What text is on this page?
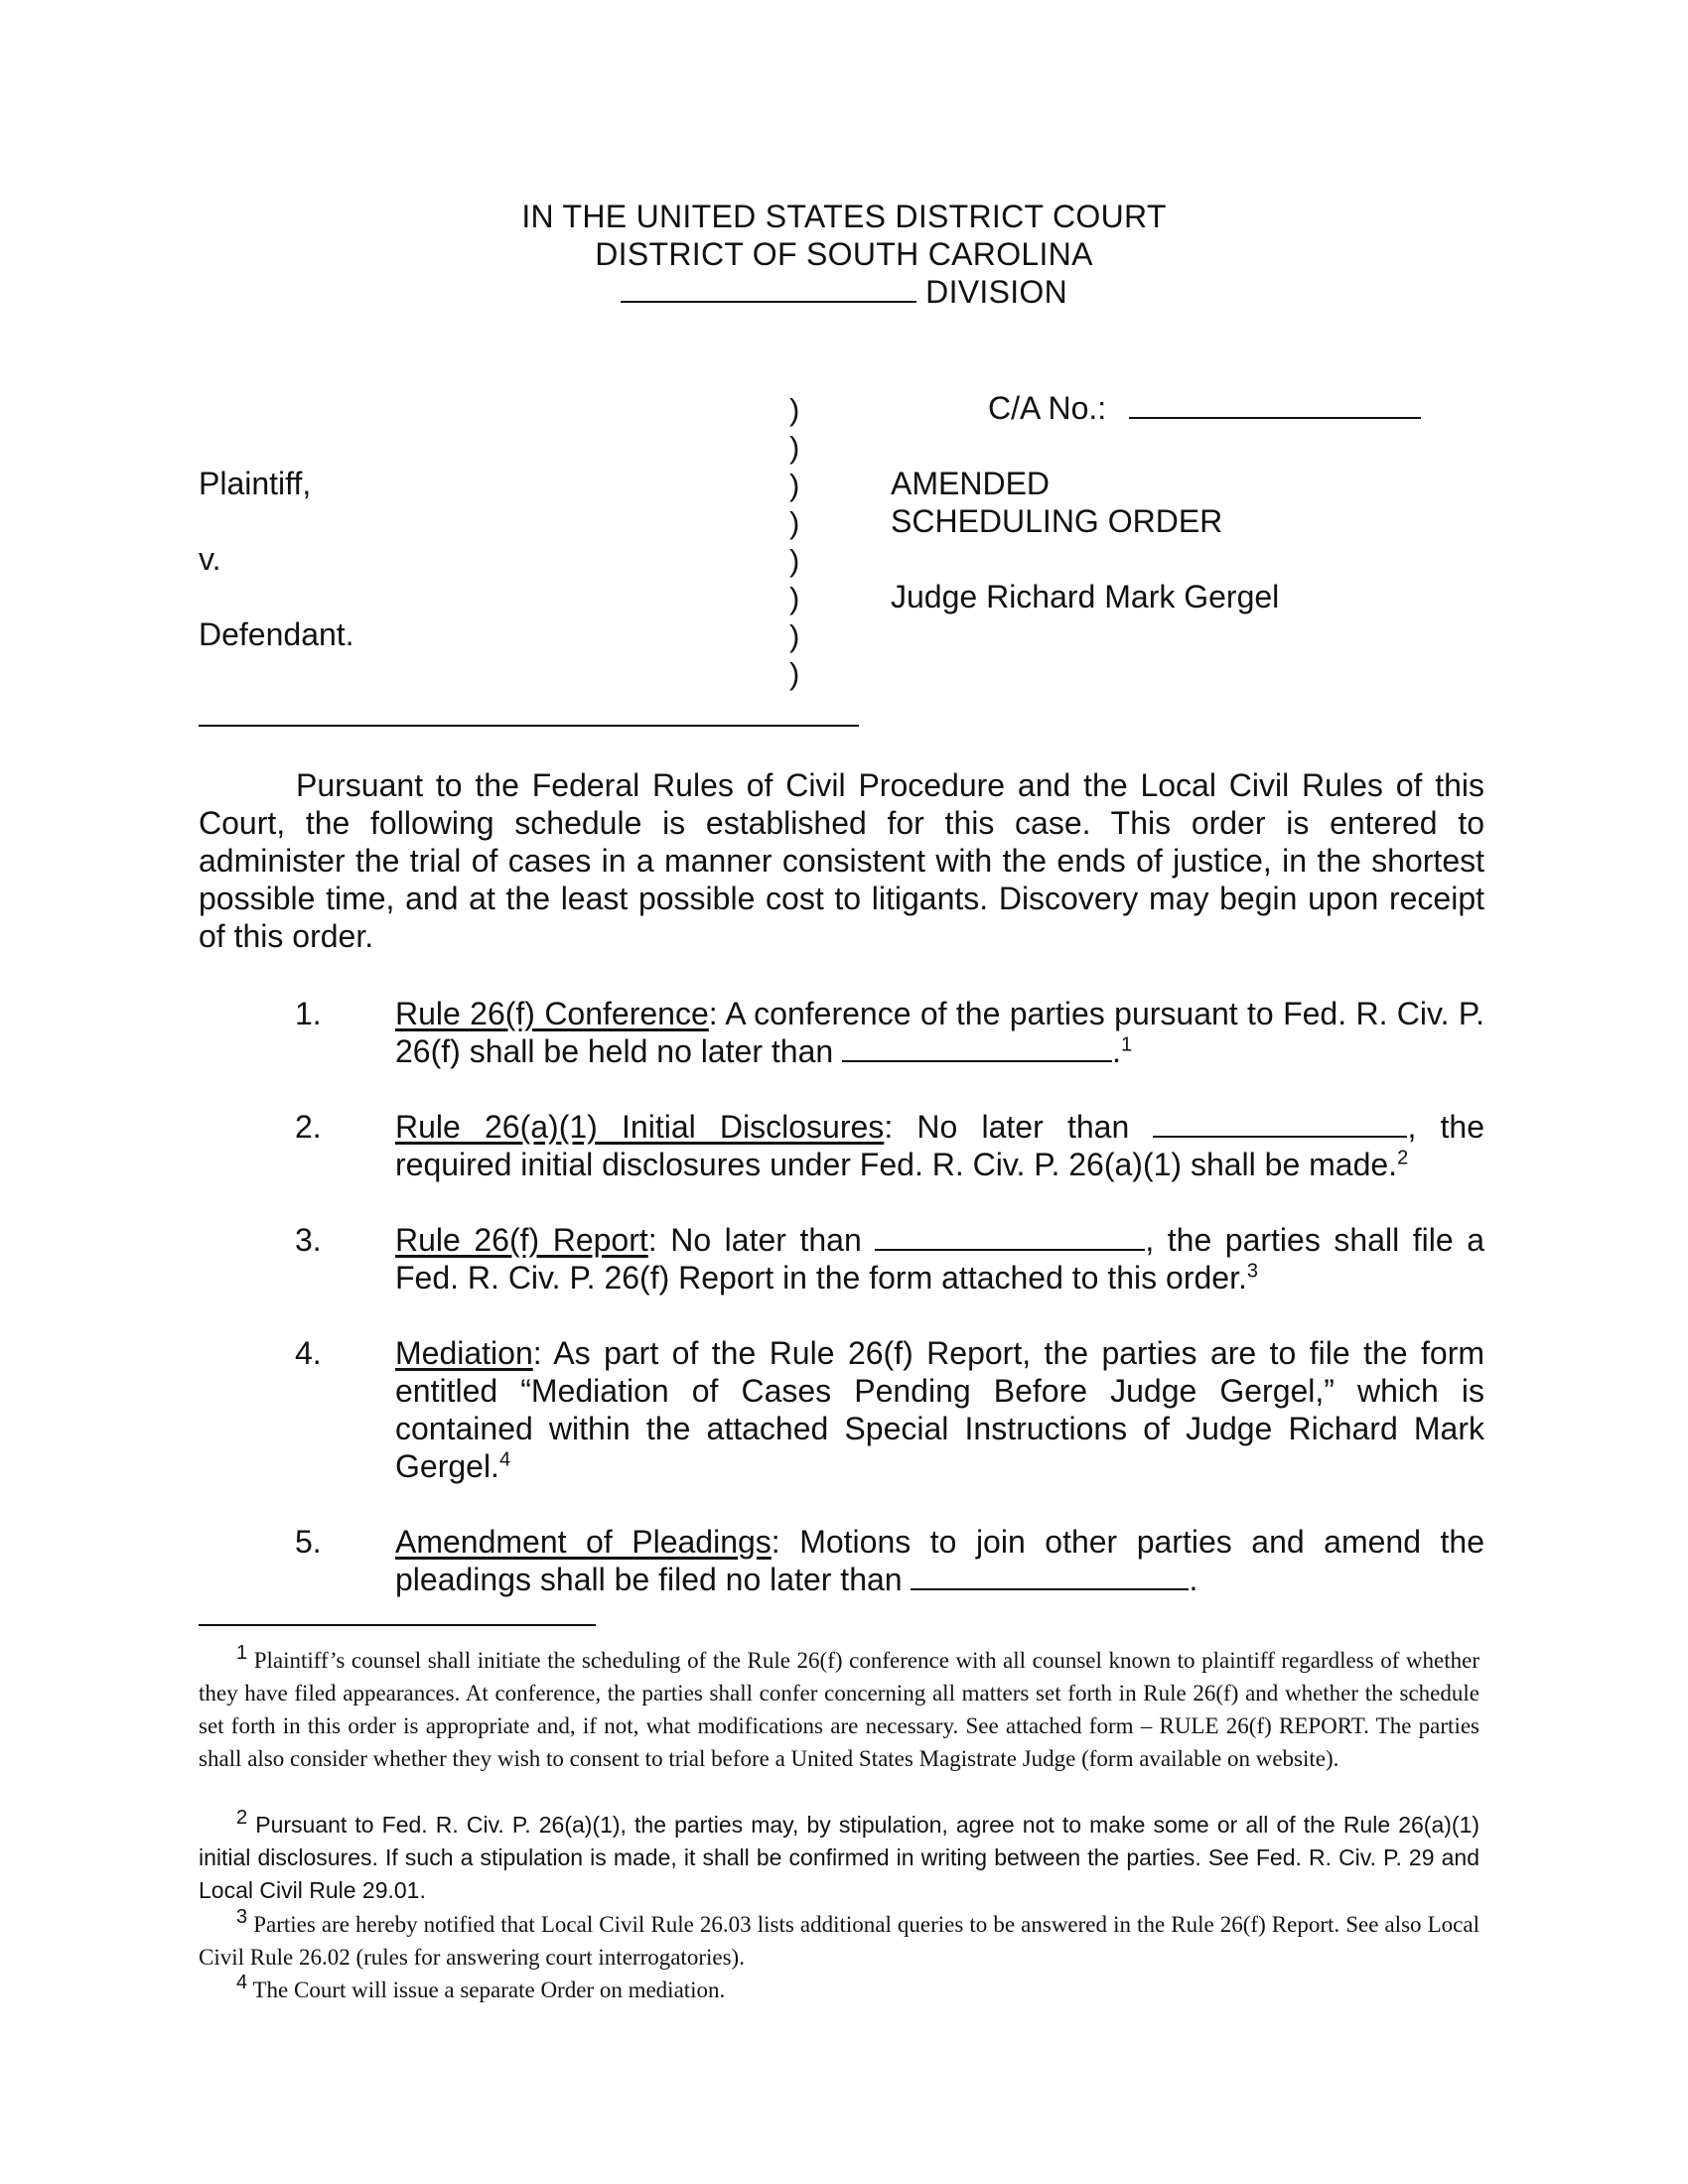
IN THE UNITED STATES DISTRICT COURT
DISTRICT OF SOUTH CAROLINA
DIVISION
)
)
)
)
)
)
)
)
Plaintiff,
v.
Defendant.
C/A No.:
AMENDED
SCHEDULING ORDER
Judge Richard Mark Gergel
Pursuant to the Federal Rules of Civil Procedure and the Local Civil Rules of this Court, the following schedule is established for this case. This order is entered to administer the trial of cases in a manner consistent with the ends of justice, in the shortest possible time, and at the least possible cost to litigants. Discovery may begin upon receipt of this order.
1. Rule 26(f) Conference: A conference of the parties pursuant to Fed. R. Civ. P. 26(f) shall be held no later than	.$^1$
2. Rule 26(a)(1) Initial Disclosures: No later than	, the required initial disclosures under Fed. R. Civ. P. 26(a)(1) shall be made.$^2$
3. Rule 26(f) Report: No later than	, the parties shall file a Fed. R. Civ. P. 26(f) Report in the form attached to this order.$^3$
4. Mediation: As part of the Rule 26(f) Report, the parties are to file the form entitled “Mediation of Cases Pending Before Judge Gergel,” which is contained within the attached Special Instructions of Judge Richard Mark Gergel.$^4$
5. Amendment of Pleadings: Motions to join other parties and amend the pleadings shall be filed no later than	.
1 Plaintiff’s counsel shall initiate the scheduling of the Rule 26(f) conference with all counsel known to plaintiff regardless of whether they have filed appearances. At conference, the parties shall confer concerning all matters set forth in Rule 26(f) and whether the schedule set forth in this order is appropriate and, if not, what modifications are necessary. See attached form – RULE 26(f) REPORT. The parties shall also consider whether they wish to consent to trial before a United States Magistrate Judge (form available on website).
2 Pursuant to Fed. R. Civ. P. 26(a)(1), the parties may, by stipulation, agree not to make some or all of the Rule 26(a)(1) initial disclosures. If such a stipulation is made, it shall be confirmed in writing between the parties. See Fed. R. Civ. P. 29 and Local Civil Rule 29.01.
3 Parties are hereby notified that Local Civil Rule 26.03 lists additional queries to be answered in the Rule 26(f) Report. See also Local Civil Rule 26.02 (rules for answering court interrogatories).
4 The Court will issue a separate Order on mediation.
